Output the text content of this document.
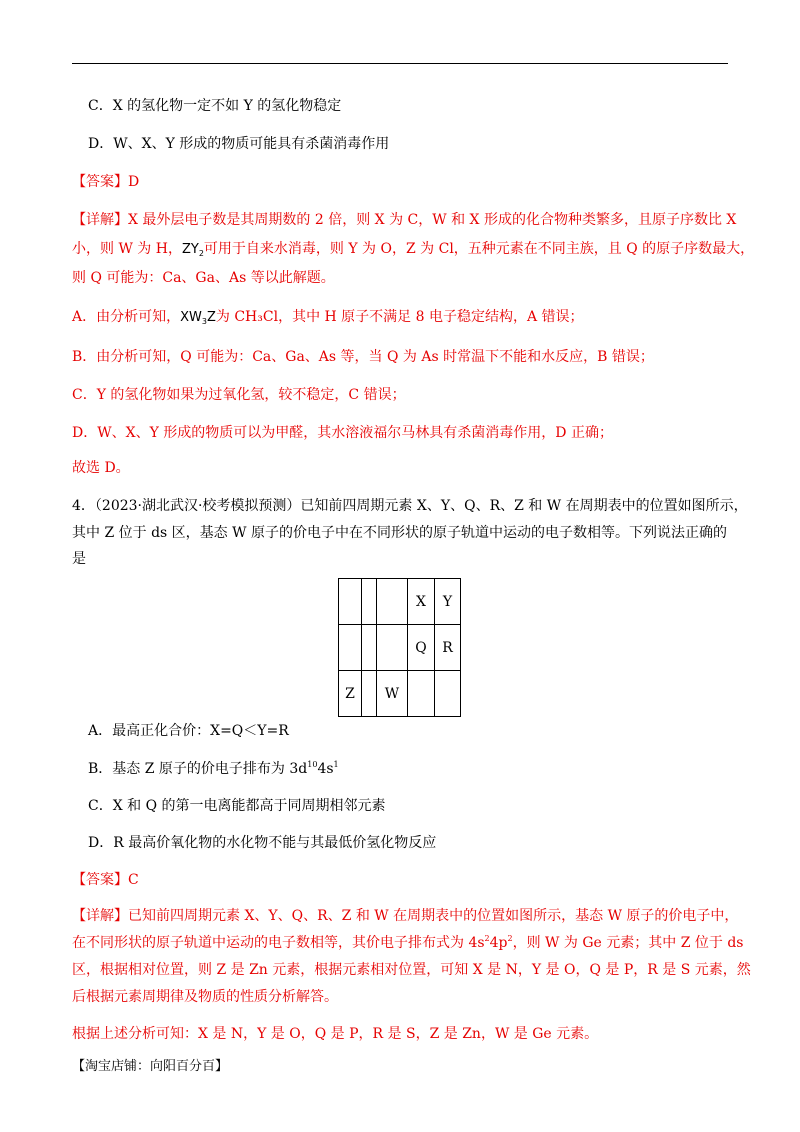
C．X 的氢化物一定不如 Y 的氢化物稳定
D．W、X、Y 形成的物质可能具有杀菌消毒作用
【答案】D
【详解】X 最外层电子数是其周期数的 2 倍，则 X 为 C，W 和 X 形成的化合物种类繁多，且原子序数比 X
小，则 W 为 H，$ZY_2$可用于自来水消毒，则 Y 为 O，Z 为 Cl，五种元素在不同主族，且 Q 的原子序数最大，
则 Q 可能为：Ca、Ga、As 等以此解题。
A．由分析可知，$XW_3Z$为 CH₃Cl，其中 H 原子不满足 8 电子稳定结构，A 错误；
B．由分析可知，Q 可能为：Ca、Ga、As 等，当 Q 为 As 时常温下不能和水反应，B 错误；
C．Y 的氢化物如果为过氧化氢，较不稳定，C 错误；
D．W、X、Y 形成的物质可以为甲醛，其水溶液福尔马林具有杀菌消毒作用，D 正确；
故选 D。
4．（2023·湖北武汉·校考模拟预测）已知前四周期元素 X、Y、Q、R、Z 和 W 在周期表中的位置如图所示，
其中 Z 位于 ds 区，基态 W 原子的价电子中在不同形状的原子轨道中运动的电子数相等。下列说法正确的
是
			X	Y
			Q	R
Z		W		
A．最高正化合价：X=Q＜Y=R
B．基态 Z 原子的价电子排布为 $3d^{10}4s^1$
C．X 和 Q 的第一电离能都高于同周期相邻元素
D．R 最高价氧化物的水化物不能与其最低价氢化物反应
【答案】C
【详解】已知前四周期元素 X、Y、Q、R、Z 和 W 在周期表中的位置如图所示，基态 W 原子的价电子中，
在不同形状的原子轨道中运动的电子数相等，其价电子排布式为 $4s^24p^2$，则 W 为 Ge 元素；其中 Z 位于 ds
区，根据相对位置，则 Z 是 Zn 元素，根据元素相对位置，可知 X 是 N，Y 是 O，Q 是 P，R 是 S 元素，然
后根据元素周期律及物质的性质分析解答。
根据上述分析可知：X 是 N，Y 是 O，Q 是 P，R 是 S，Z 是 Zn，W 是 Ge 元素。
【淘宝店铺：向阳百分百】
